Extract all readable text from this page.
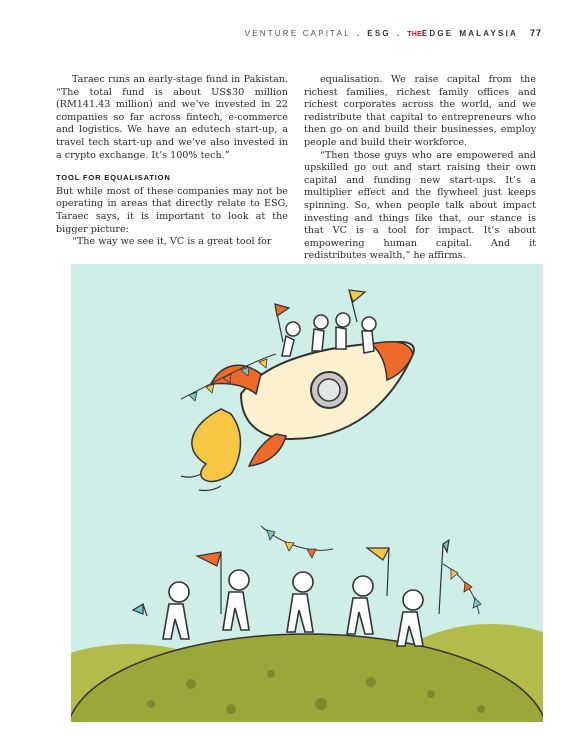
VENTURE CAPITAL . ESG . THEEDGE MALAYSIA 77

Taraec runs an early-stage fund in Pakistan. “The total fund is about US$30 million (RM141.43 million) and we’ve invested in 22 companies so far across fintech, e-commerce and logistics. We have an edutech start-up, a travel tech start-up and we’ve also invested in a crypto exchange. It’s 100% tech.”

TOOL FOR EQUALISATION

But while most of these companies may not be operating in areas that directly relate to ESG, Taraec says, it is important to look at the bigger picture:

“The way we see it, VC is a great tool for

equalisation. We raise capital from the richest families, richest family offices and richest corporates across the world, and we redistribute that capital to entrepreneurs who then go on and build their businesses, employ people and build their workforce.

“Then those guys who are empowered and upskilled go out and start raising their own capital and funding new start-ups. It’s a multiplier effect and the flywheel just keeps spinning. So, when people talk about impact investing and things like that, our stance is that VC is a tool for impact. It’s about empowering human capital. And it redistributes wealth,” he affirms.
